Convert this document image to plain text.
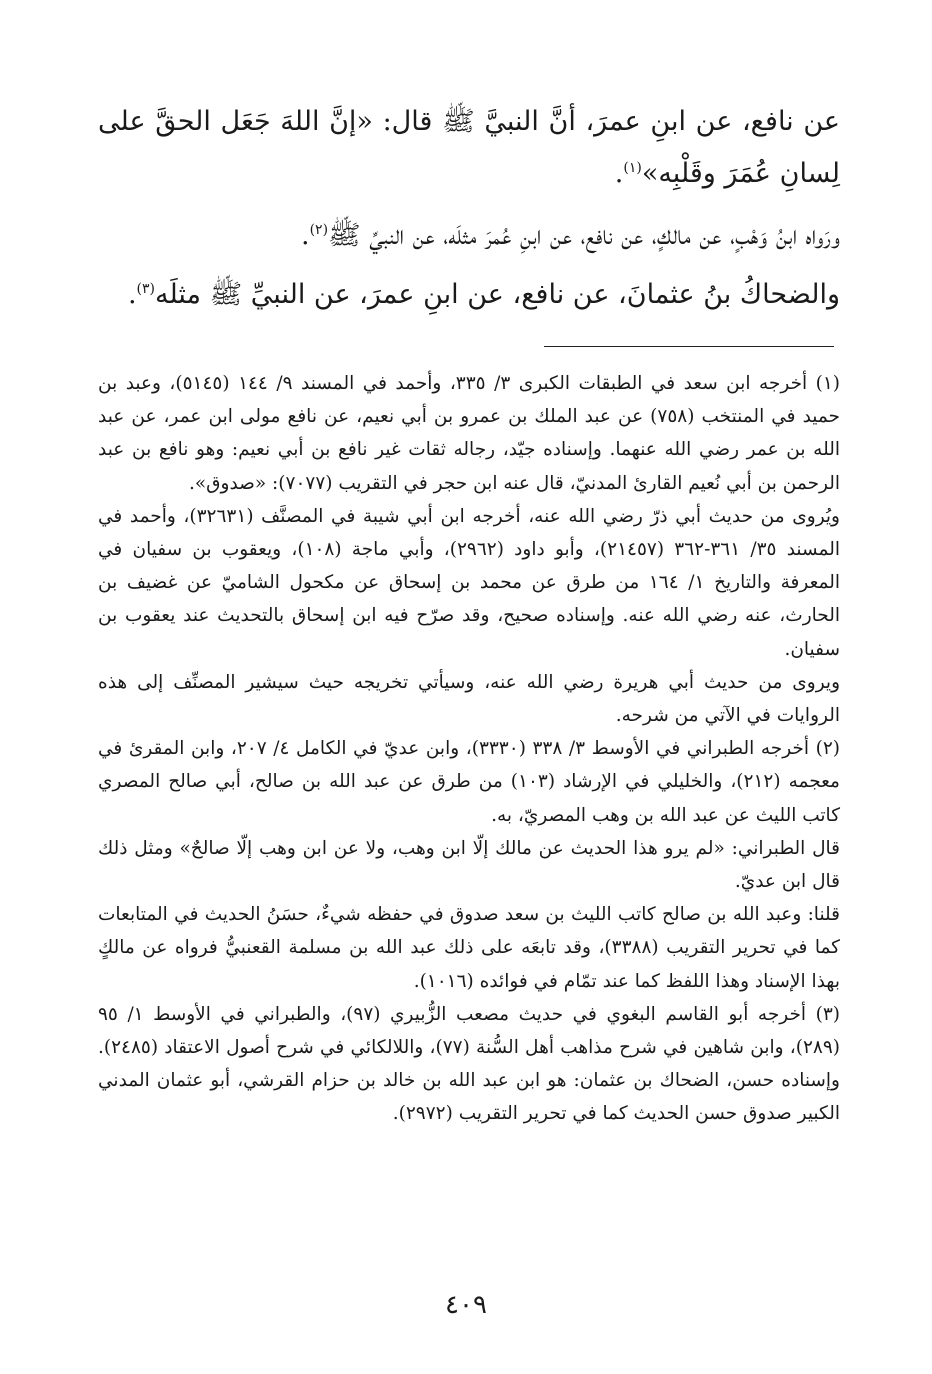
عن نافع، عن ابنِ عمرَ، أنَّ النبيَّ ﷺ قال: «إنَّ اللهَ جَعَل الحقَّ على لِسانِ عُمَرَ وقَلْبِه»$^{(١)}$.

ورَواه ابنُ وَهْبٍ، عن مالكٍ، عن نافع، عن ابنِ عُمرَ مثلَه، عن النبيِّ ﷺ$^{(٢)}$.

والضحاكُ بنُ عثمانَ، عن نافع، عن ابنِ عمرَ، عن النبيِّ ﷺ مثلَه$^{(٣)}$.

(١) أخرجه ابن سعد في الطبقات الكبرى ٣/ ٣٣٥، وأحمد في المسند ٩/ ١٤٤ (٥١٤٥)، وعبد بن حميد في المنتخب (٧٥٨) عن عبد الملك بن عمرو بن أبي نعيم، عن نافع مولى ابن عمر، عن عبد الله بن عمر رضي الله عنهما. وإسناده جيّد، رجاله ثقات غير نافع بن أبي نعيم: وهو نافع بن عبد الرحمن بن أبي نُعيم القارئ المدنيّ، قال عنه ابن حجر في التقريب (٧٠٧٧): «صدوق».

ويُروى من حديث أبي ذرّ رضي الله عنه، أخرجه ابن أبي شيبة في المصنَّف (٣٢٦٣١)، وأحمد في المسند ٣٥/ ٣٦١-٣٦٢ (٢١٤٥٧)، وأبو داود (٢٩٦٢)، وأبي ماجة (١٠٨)، ويعقوب بن سفيان في المعرفة والتاريخ ١/ ١٦٤ من طرق عن محمد بن إسحاق عن مكحول الشاميّ عن غضيف بن الحارث، عنه رضي الله عنه. وإسناده صحيح، وقد صرّح فيه ابن إسحاق بالتحديث عند يعقوب بن سفيان.

ويروى من حديث أبي هريرة رضي الله عنه، وسيأتي تخريجه حيث سيشير المصنِّف إلى هذه الروايات في الآتي من شرحه.

(٢) أخرجه الطبراني في الأوسط ٣/ ٣٣٨ (٣٣٣٠)، وابن عديّ في الكامل ٤/ ٢٠٧، وابن المقرئ في معجمه (٢١٢)، والخليلي في الإرشاد (١٠٣) من طرق عن عبد الله بن صالح، أبي صالح المصري كاتب الليث عن عبد الله بن وهب المصريّ، به.

قال الطبراني: «لم يرو هذا الحديث عن مالك إلّا ابن وهب، ولا عن ابن وهب إلّا صالحٌ» ومثل ذلك قال ابن عديّ.

قلنا: وعبد الله بن صالح كاتب الليث بن سعد صدوق في حفظه شيءٌ، حسَنُ الحديث في المتابعات كما في تحرير التقريب (٣٣٨٨)، وقد تابعَه على ذلك عبد الله بن مسلمة القعنبيُّ فرواه عن مالكٍ بهذا الإسناد وهذا اللفظ كما عند تمّام في فوائده (١٠١٦).

(٣) أخرجه أبو القاسم البغوي في حديث مصعب الزُّبيري (٩٧)، والطبراني في الأوسط ١/ ٩٥ (٢٨٩)، وابن شاهين في شرح مذاهب أهل السُّنة (٧٧)، واللالكائي في شرح أصول الاعتقاد (٢٤٨٥). وإسناده حسن، الضحاك بن عثمان: هو ابن عبد الله بن خالد بن حزام القرشي، أبو عثمان المدني الكبير صدوق حسن الحديث كما في تحرير التقريب (٢٩٧٢).

٤٠٩
